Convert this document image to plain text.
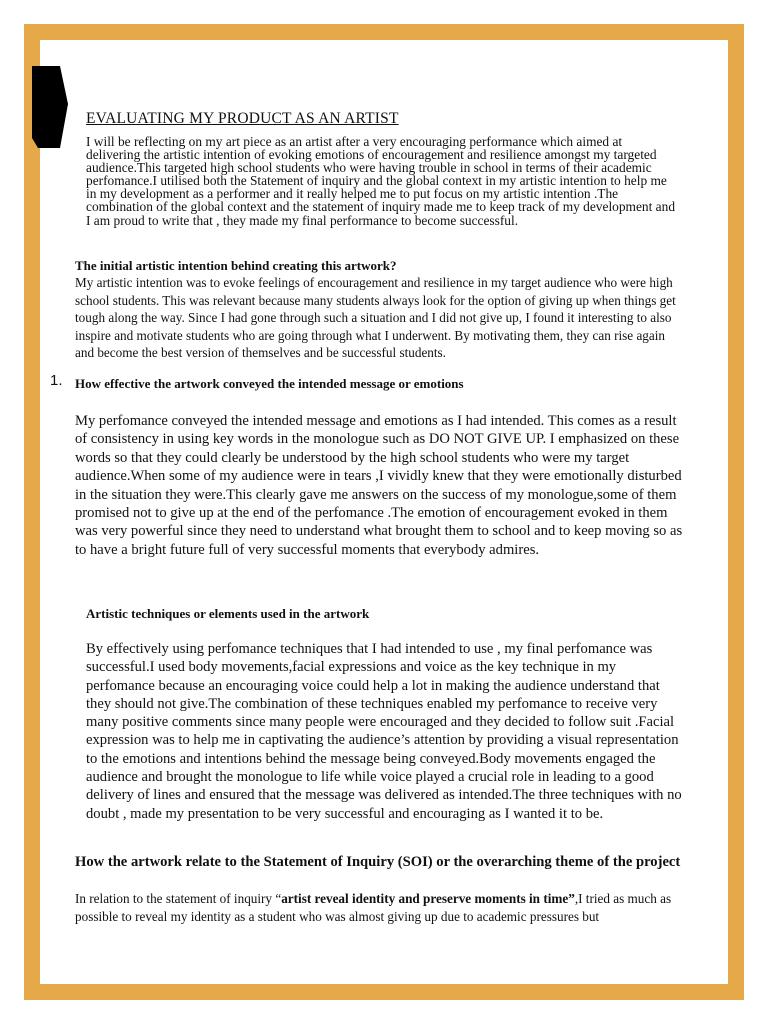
EVALUATING MY PRODUCT AS AN ARTIST

I will be reflecting on my art piece as an artist after a very encouraging performance which aimed at delivering the artistic intention of evoking emotions of encouragement and resilience amongst my targeted audience.This targeted high school students who were having trouble in school in terms of their academic perfomance.I utilised both the Statement of inquiry and the global context in my artistic intention to help me in my development as a performer and it really helped me to put focus on my artistic intention .The combination of the global context and the statement of inquiry made me to keep track of my development and I am proud to write that , they made my final performance to become successful.

The initial artistic intention behind creating this artwork?

My artistic intention was to evoke feelings of encouragement and resilience in my target audience who were high school students. This was relevant because many students always look for the option of giving up when things get tough along the way. Since I had gone through such a situation and I did not give up, I found it interesting to also inspire and motivate students who are going through what I underwent. By motivating them, they can rise again and become the best version of themselves and be successful students.

1. How effective the artwork conveyed the intended message or emotions

My perfomance conveyed the intended message and emotions as I had intended. This comes as a result of consistency in using key words in the monologue such as DO NOT GIVE UP. I emphasized on these words so that they could clearly be understood by the high school students who were my target audience.When some of my audience were in tears ,I vividly knew that they were emotionally disturbed in the situation they were.This clearly gave me answers on the success of my monologue,some of them promised not to give up at the end of the perfomance .The emotion of encouragement evoked in them was very powerful since they need to understand what brought them to school and to keep moving so as to have a bright future full of very successful moments that everybody admires.

Artistic techniques or elements used in the artwork

By effectively using perfomance techniques that I had intended to use , my final perfomance was successful.I used body movements,facial expressions and voice as the key technique in my perfomance because an encouraging voice could help a lot in making the audience understand that they should not give.The combination of these techniques enabled my perfomance to receive very many positive comments since many people were encouraged and they decided to follow suit .Facial expression was to help me in captivating the audience’s attention by providing a visual representation to the emotions and intentions behind the message being conveyed.Body movements engaged the audience and brought the monologue to life while voice played a crucial role in leading to a good delivery of lines and ensured that the message was delivered as intended.The three techniques with no doubt , made my presentation to be very successful and encouraging as I wanted it to be.

How the artwork relate to the Statement of Inquiry (SOI) or the overarching theme of the project

In relation to the statement of inquiry “artist reveal identity and preserve moments in time”,I tried as much as possible to reveal my identity as a student who was almost giving up due to academic pressures but
